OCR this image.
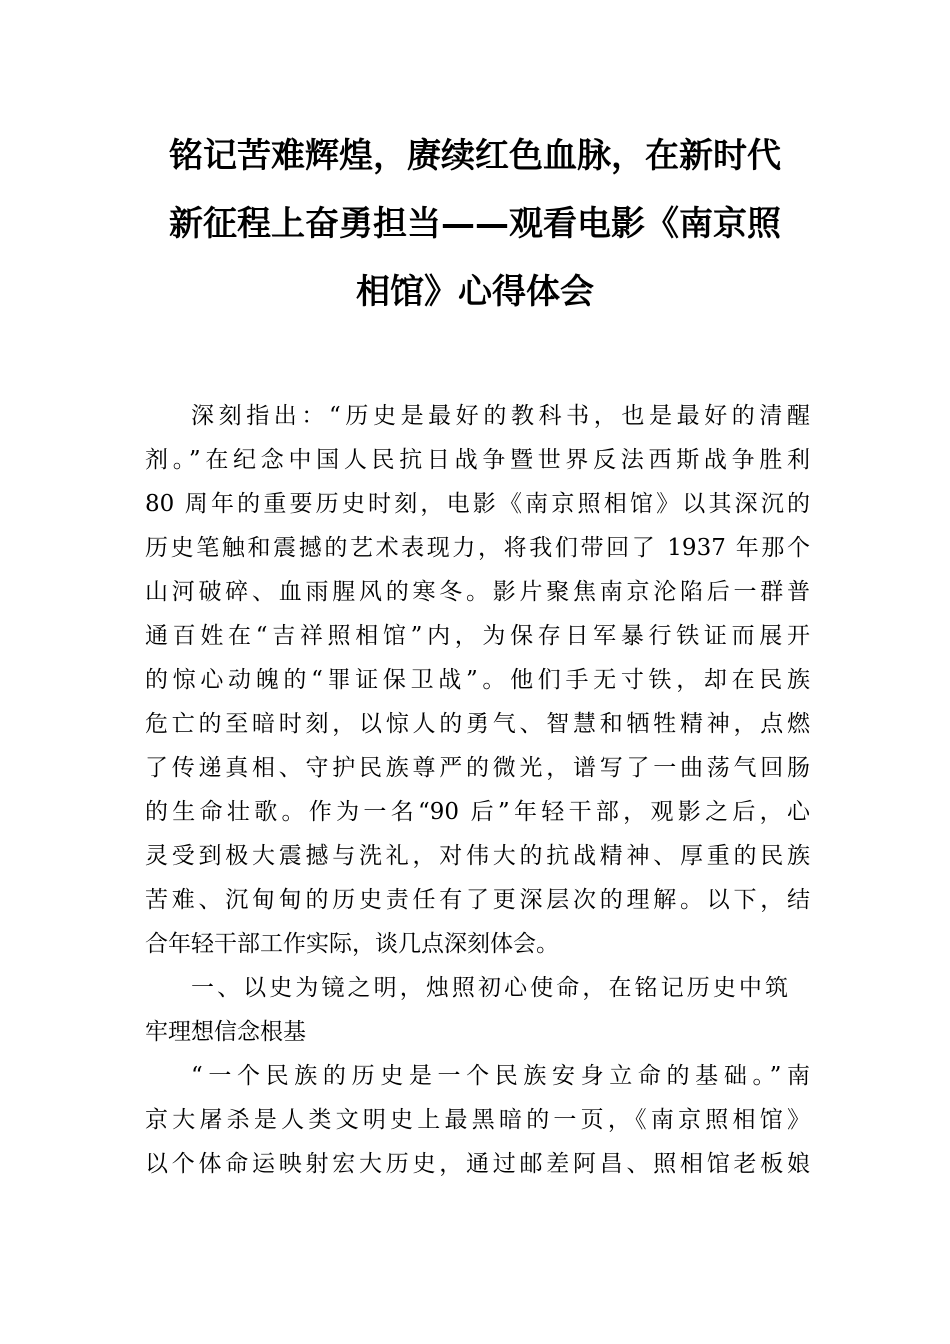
铭记苦难辉煌，赓续红色血脉，在新时代
新征程上奋勇担当——观看电影《南京照
相馆》心得体会
深刻指出：“历史是最好的教科书，也是最好的清醒
剂。”在纪念中国人民抗日战争暨世界反法西斯战争胜利
80 周年的重要历史时刻，电影《南京照相馆》以其深沉的
历史笔触和震撼的艺术表现力，将我们带回了 1937 年那个
山河破碎、血雨腥风的寒冬。影片聚焦南京沦陷后一群普
通百姓在“吉祥照相馆”内，为保存日军暴行铁证而展开
的惊心动魄的“罪证保卫战”。他们手无寸铁，却在民族
危亡的至暗时刻，以惊人的勇气、智慧和牺牲精神，点燃
了传递真相、守护民族尊严的微光，谱写了一曲荡气回肠
的生命壮歌。作为一名“90 后”年轻干部，观影之后，心
灵受到极大震撼与洗礼，对伟大的抗战精神、厚重的民族
苦难、沉甸甸的历史责任有了更深层次的理解。以下，结
合年轻干部工作实际，谈几点深刻体会。
一、以史为镜之明，烛照初心使命，在铭记历史中筑
牢理想信念根基
“一个民族的历史是一个民族安身立命的基础。”南
京大屠杀是人类文明史上最黑暗的一页，《南京照相馆》
以个体命运映射宏大历史，通过邮差阿昌、照相馆老板娘
